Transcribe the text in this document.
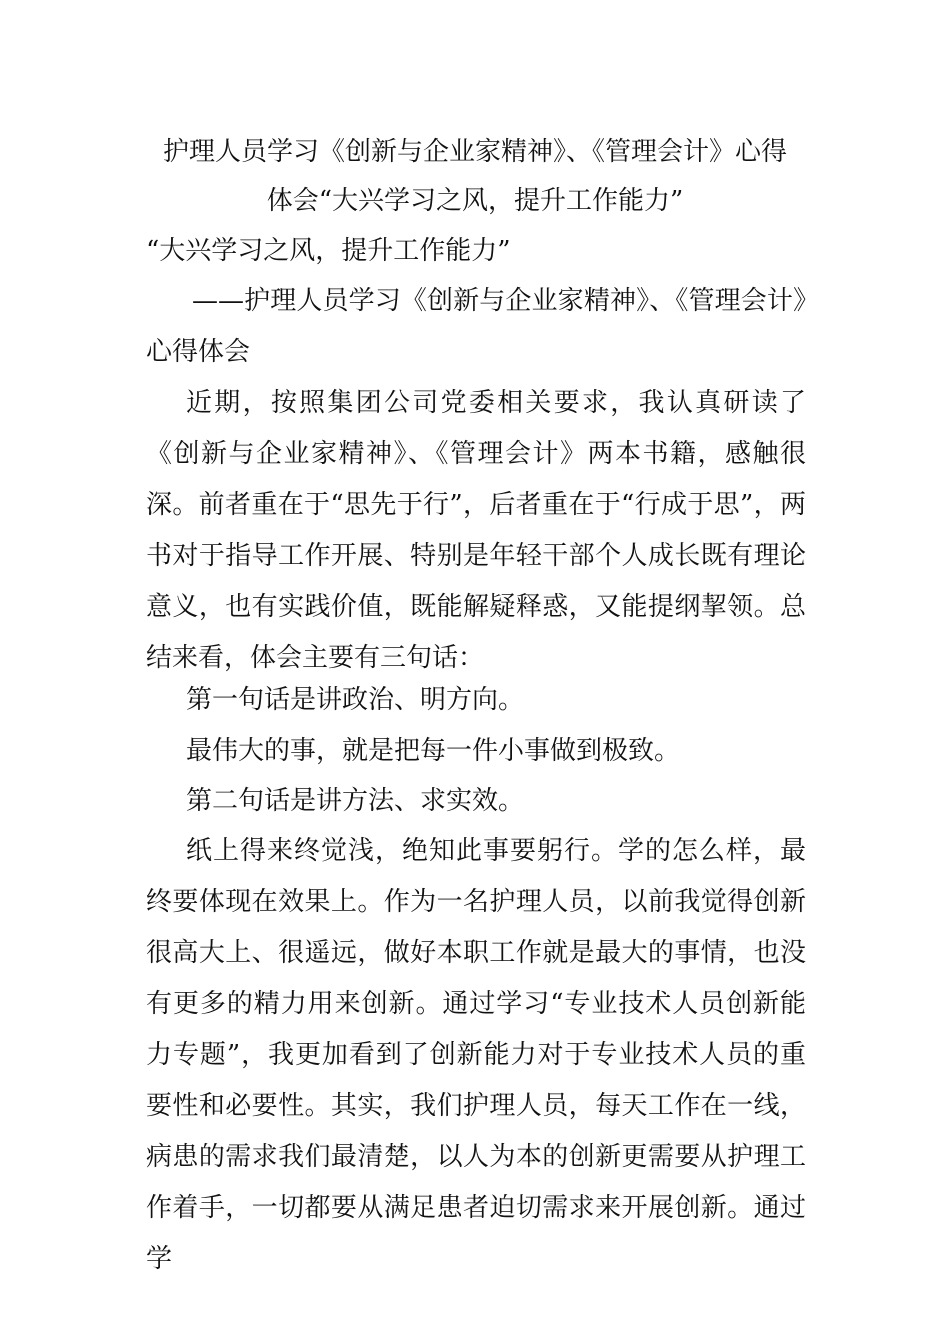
护理人员学习《创新与企业家精神》、《管理会计》心得
体会“大兴学习之风，提升工作能力”

“大兴学习之风，提升工作能力”

——护理人员学习《创新与企业家精神》、《管理会计》心得体会

近期，按照集团公司党委相关要求，我认真研读了《创新与企业家精神》、《管理会计》两本书籍，感触很深。前者重在于“思先于行”，后者重在于“行成于思”，两书对于指导工作开展、特别是年轻干部个人成长既有理论意义，也有实践价值，既能解疑释惑，又能提纲挈领。总结来看，体会主要有三句话：

第一句话是讲政治、明方向。

最伟大的事，就是把每一件小事做到极致。

第二句话是讲方法、求实效。

纸上得来终觉浅，绝知此事要躬行。学的怎么样，最终要体现在效果上。作为一名护理人员，以前我觉得创新很高大上、很遥远，做好本职工作就是最大的事情，也没有更多的精力用来创新。通过学习“专业技术人员创新能力专题”，我更加看到了创新能力对于专业技术人员的重要性和必要性。其实，我们护理人员，每天工作在一线，病患的需求我们最清楚，以人为本的创新更需要从护理工作着手，一切都要从满足患者迫切需求来开展创新。通过学
